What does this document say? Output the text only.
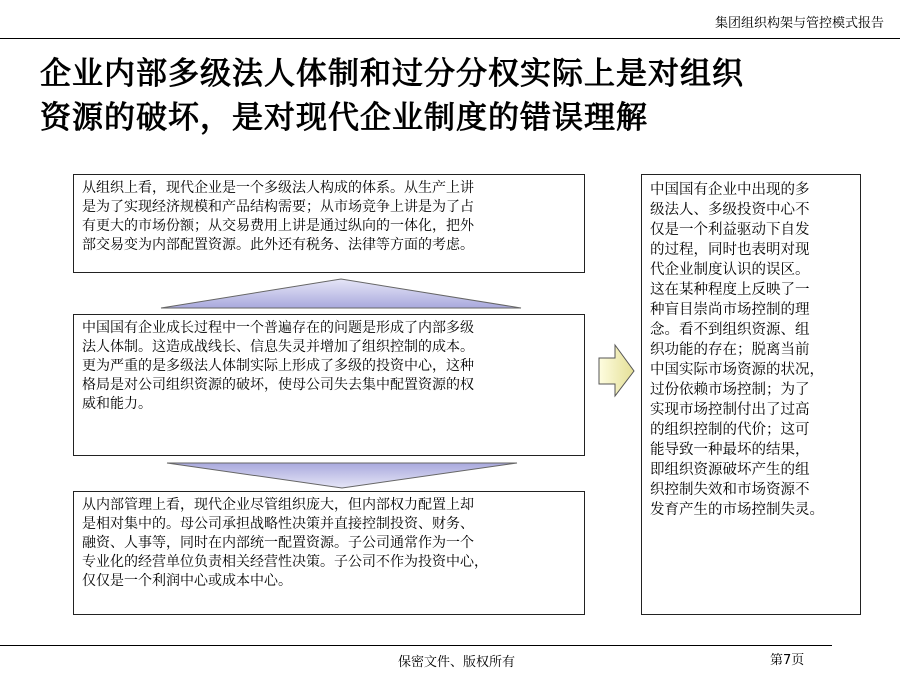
集团组织构架与管控模式报告
企业内部多级法人体制和过分分权实际上是对组织
资源的破坏，是对现代企业制度的错误理解
从组织上看，现代企业是一个多级法人构成的体系。从生产上讲
是为了实现经济规模和产品结构需要；从市场竞争上讲是为了占
有更大的市场份额；从交易费用上讲是通过纵向的一体化，把外
部交易变为内部配置资源。此外还有税务、法律等方面的考虑。
中国国有企业成长过程中一个普遍存在的问题是形成了内部多级
法人体制。这造成战线长、信息失灵并增加了组织控制的成本。
更为严重的是多级法人体制实际上形成了多级的投资中心，这种
格局是对公司组织资源的破坏，使母公司失去集中配置资源的权
威和能力。
从内部管理上看，现代企业尽管组织庞大，但内部权力配置上却
是相对集中的。母公司承担战略性决策并直接控制投资、财务、
融资、人事等，同时在内部统一配置资源。子公司通常作为一个
专业化的经营单位负责相关经营性决策。子公司不作为投资中心，
仅仅是一个利润中心或成本中心。
中国国有企业中出现的多
级法人、多级投资中心不
仅是一个利益驱动下自发
的过程，同时也表明对现
代企业制度认识的误区。
这在某种程度上反映了一
种盲目崇尚市场控制的理
念。看不到组织资源、组
织功能的存在；脱离当前
中国实际市场资源的状况，
过份依赖市场控制；为了
实现市场控制付出了过高
的组织控制的代价；这可
能导致一种最坏的结果，
即组织资源破坏产生的组
织控制失效和市场资源不
发育产生的市场控制失灵。
保密文件、版权所有	第7页
